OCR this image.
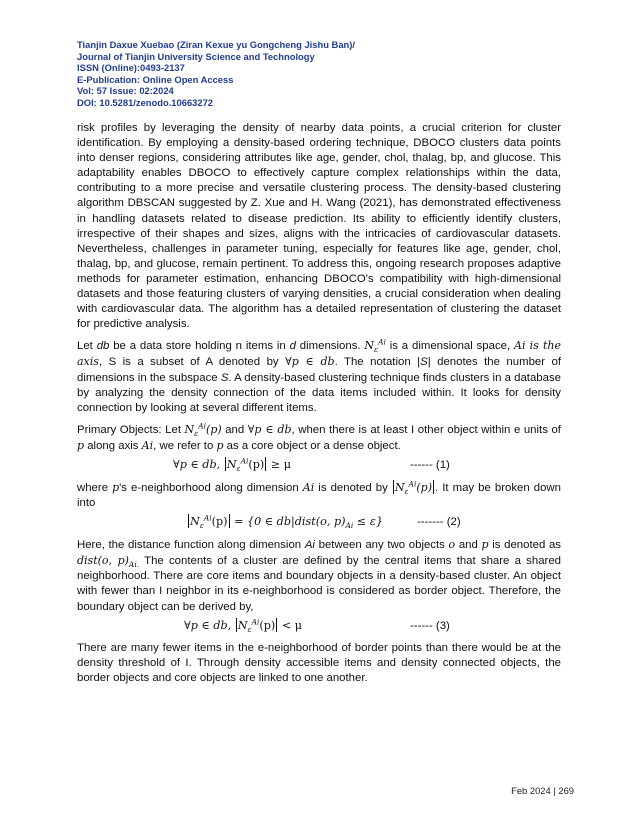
Tianjin Daxue Xuebao (Ziran Kexue yu Gongcheng Jishu Ban)/
Journal of Tianjin University Science and Technology
ISSN (Online):0493-2137
E-Publication: Online Open Access
Vol: 57 Issue: 02:2024
DOI: 10.5281/zenodo.10663272

risk profiles by leveraging the density of nearby data points, a crucial criterion for cluster identification. By employing a density-based ordering technique, DBOCO clusters data points into denser regions, considering attributes like age, gender, chol, thalag, bp, and glucose. This adaptability enables DBOCO to effectively capture complex relationships within the data, contributing to a more precise and versatile clustering process. The density-based clustering algorithm DBSCAN suggested by Z. Xue and H. Wang (2021), has demonstrated effectiveness in handling datasets related to disease prediction. Its ability to efficiently identify clusters, irrespective of their shapes and sizes, aligns with the intricacies of cardiovascular datasets. Nevertheless, challenges in parameter tuning, especially for features like age, gender, chol, thalag, bp, and glucose, remain pertinent. To address this, ongoing research proposes adaptive methods for parameter estimation, enhancing DBOCO's compatibility with high-dimensional datasets and those featuring clusters of varying densities, a crucial consideration when dealing with cardiovascular data. The algorithm has a detailed representation of clustering the dataset for predictive analysis.

Let db be a data store holding n items in d dimensions. $N_\varepsilon^{Ai}$ is a dimensional space, Ai is the axis, S is a subset of A denoted by ∀p ∈ db. The notation |S| denotes the number of dimensions in the subspace S. A density-based clustering technique finds clusters in a database by analyzing the density connection of the data items included within. It looks for density connection by looking at several different items.

Primary Objects: Let $N_\varepsilon^{Ai}(p)$ and ∀p ∈ db, when there is at least I other object within e units of p along axis Ai, we refer to p as a core object or a dense object.

∀p ∈ db, $N_\varepsilon^{Ai}(p) \ge \mu$	------ (1)

where p's e-neighborhood along dimension Ai is denoted by $N_\varepsilon^{Ai}(p)$ . It may be broken down into

$N_\varepsilon^{Ai}(p) = \{0$ ∈ db|dist(o, $p)_{Ai} \le \varepsilon$}	------- (2)

Here, the distance function along dimension Ai between any two objects o and p is denoted as dist(o, $p)_{Ai.}$ The contents of a cluster are defined by the central items that share a shared neighborhood. There are core items and boundary objects in a density-based cluster. An object with fewer than I neighbor in its e-neighborhood is considered as border object. Therefore, the boundary object can be derived by,

∀p ∈ db, $N_\varepsilon^{Ai}(p) < \mu$	------ (3)

There are many fewer items in the e-neighborhood of border points than there would be at the density threshold of I. Through density accessible items and density connected objects, the border objects and core objects are linked to one another.

Feb 2024 | 269
